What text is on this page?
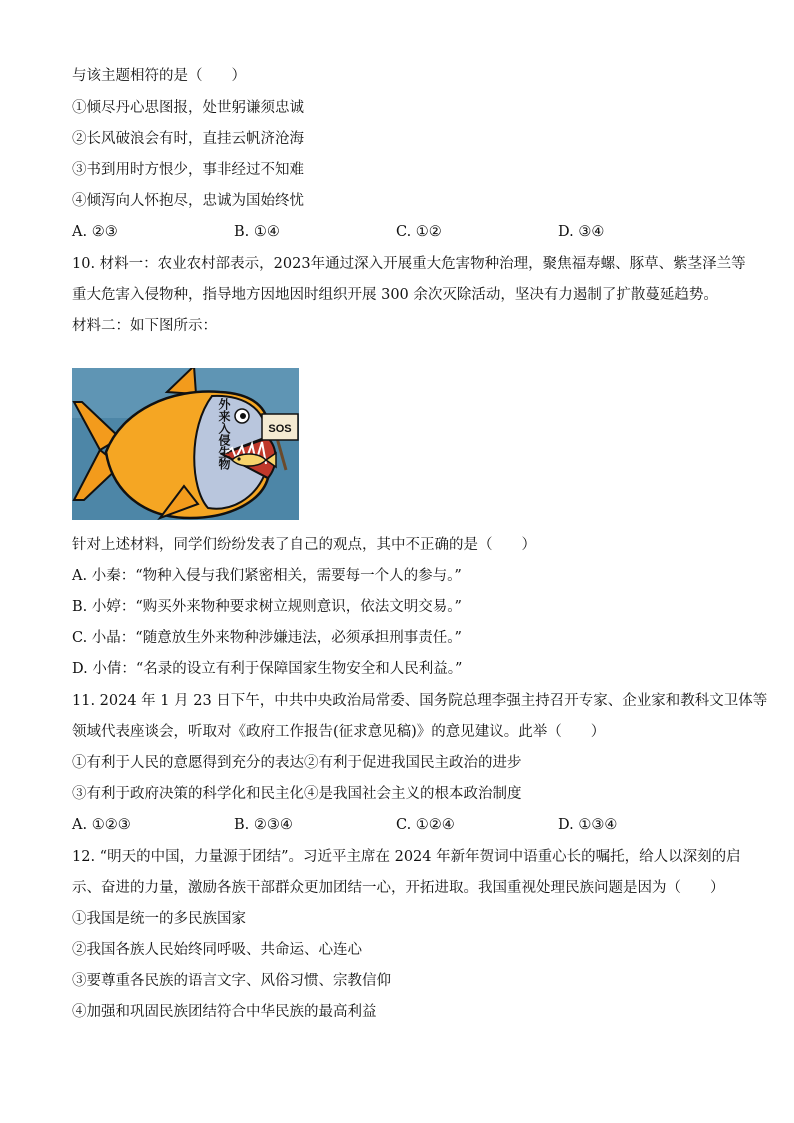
与该主题相符的是（　　）
①倾尽丹心思图报，处世躬谦须忠诚
②长风破浪会有时，直挂云帆济沧海
③书到用时方恨少，事非经过不知难
④倾泻向人怀抱尽，忠诚为国始终忧
A. ②③	B. ①④	C. ①②	D. ③④
10. 材料一：农业农村部表示，2023年通过深入开展重大危害物种治理，聚焦福寿螺、豚草、紫茎泽兰等
重大危害入侵物种，指导地方因地因时组织开展 300 余次灭除活动，坚决有力遏制了扩散蔓延趋势。
材料二：如下图所示：
SOS
外来入侵生物
针对上述材料，同学们纷纷发表了自己的观点，其中不正确的是（　　）
A. 小秦：“物种入侵与我们紧密相关，需要每一个人的参与。”
B. 小婷：“购买外来物种要求树立规则意识，依法文明交易。”
C. 小晶：“随意放生外来物种涉嫌违法，必须承担刑事责任。”
D. 小倩：“名录的设立有利于保障国家生物安全和人民利益。”
11. 2024 年 1 月 23 日下午，中共中央政治局常委、国务院总理李强主持召开专家、企业家和教科文卫体等
领域代表座谈会，听取对《政府工作报告(征求意见稿)》的意见建议。此举（　　）
①有利于人民的意愿得到充分的表达②有利于促进我国民主政治的进步
③有利于政府决策的科学化和民主化④是我国社会主义的根本政治制度
A. ①②③	B. ②③④	C. ①②④	D. ①③④
12. “明天的中国，力量源于团结”。习近平主席在 2024 年新年贺词中语重心长的嘱托，给人以深刻的启
示、奋进的力量，激励各族干部群众更加团结一心，开拓进取。我国重视处理民族问题是因为（　　）
①我国是统一的多民族国家
②我国各族人民始终同呼吸、共命运、心连心
③要尊重各民族的语言文字、风俗习惯、宗教信仰
④加强和巩固民族团结符合中华民族的最高利益
